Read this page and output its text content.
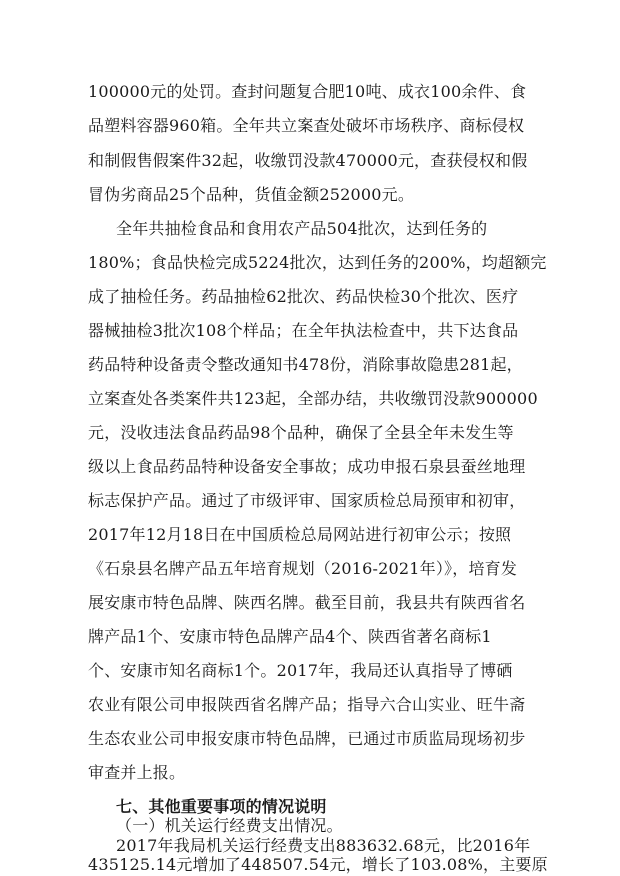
100000元的处罚。查封问题复合肥10吨、成衣100余件、食
品塑料容器960箱。全年共立案查处破坏市场秩序、商标侵权
和制假售假案件32起，收缴罚没款470000元，查获侵权和假
冒伪劣商品25个品种，货值金额252000元。
全年共抽检食品和食用农产品504批次，达到任务的
180%；食品快检完成5224批次，达到任务的200%，均超额完
成了抽检任务。药品抽检62批次、药品快检30个批次、医疗
器械抽检3批次108个样品；在全年执法检查中，共下达食品
药品特种设备责令整改通知书478份，消除事故隐患281起，
立案查处各类案件共123起，全部办结，共收缴罚没款900000
元，没收违法食品药品98个品种，确保了全县全年未发生等
级以上食品药品特种设备安全事故；成功申报石泉县蚕丝地理
标志保护产品。通过了市级评审、国家质检总局预审和初审，
2017年12月18日在中国质检总局网站进行初审公示；按照
《石泉县名牌产品五年培育规划（2016-2021年）》，培育发
展安康市特色品牌、陕西名牌。截至目前，我县共有陕西省名
牌产品1个、安康市特色品牌产品4个、陕西省著名商标1
个、安康市知名商标1个。2017年，我局还认真指导了博硒
农业有限公司申报陕西省名牌产品；指导六合山实业、旺牛斋
生态农业公司申报安康市特色品牌，已通过市质监局现场初步
审查并上报。
七、其他重要事项的情况说明
（一）机关运行经费支出情况。
2017年我局机关运行经费支出883632.68元，比2016年
435125.14元增加了448507.54元，增长了103.08%，主要原
